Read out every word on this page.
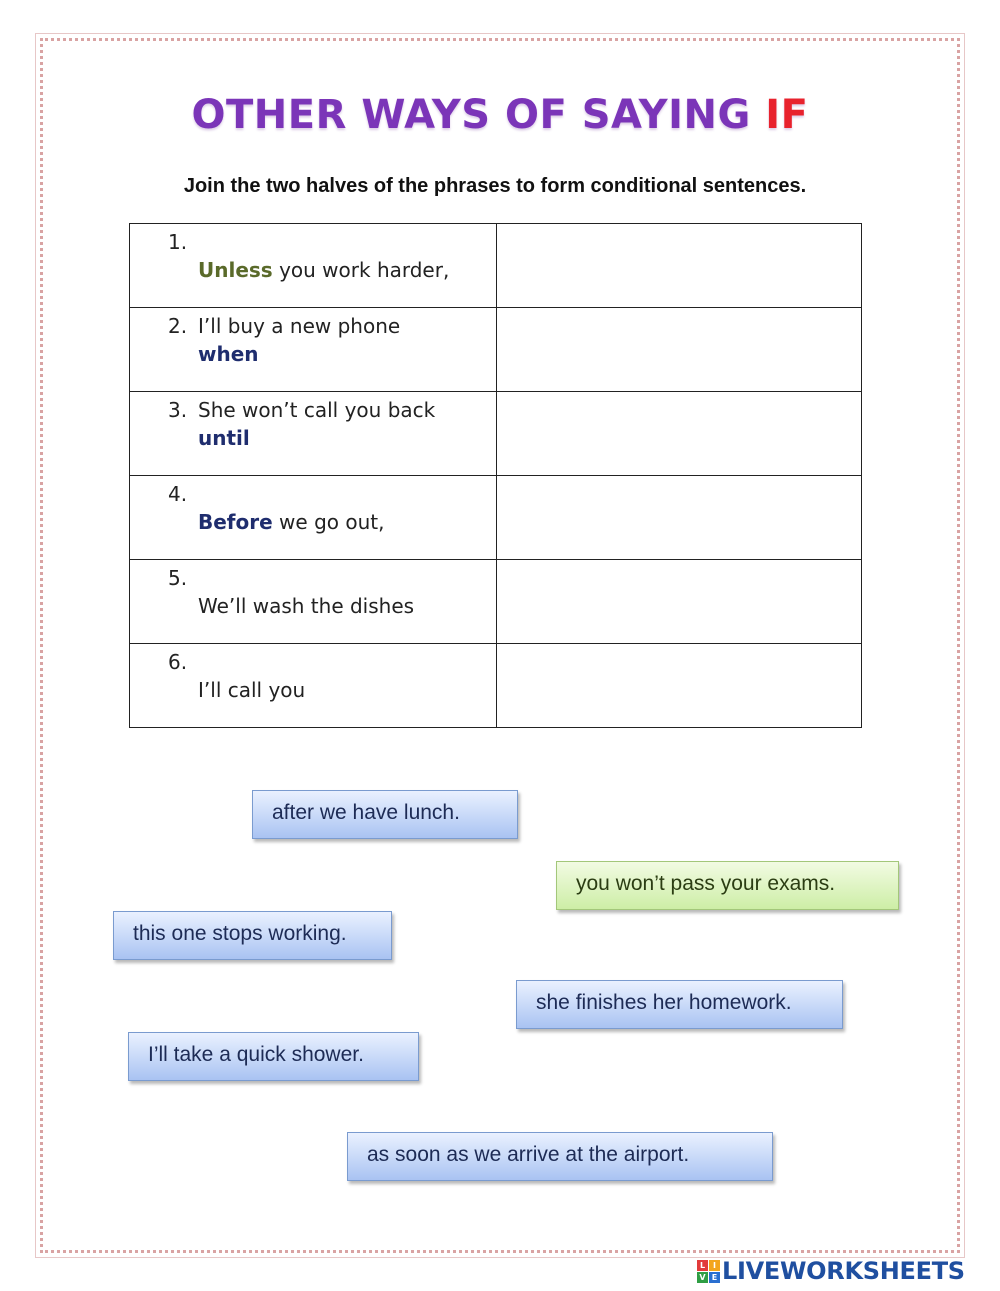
OTHER WAYS OF SAYING IF
Join the two halves of the phrases to form conditional sentences.
1.
Unless you work harder,	

2. I’ll buy a new phone
when	

3. She won’t call you back
until	

4.
Before we go out,	

5.
We’ll wash the dishes	

6.
I’ll call you	

after we have lunch.
you won’t pass your exams.
this one stops working.
she finishes her homework.
I’ll take a quick shower.
as soon as we arrive at the airport.
L I
V E LIVEWORKSHEETS
